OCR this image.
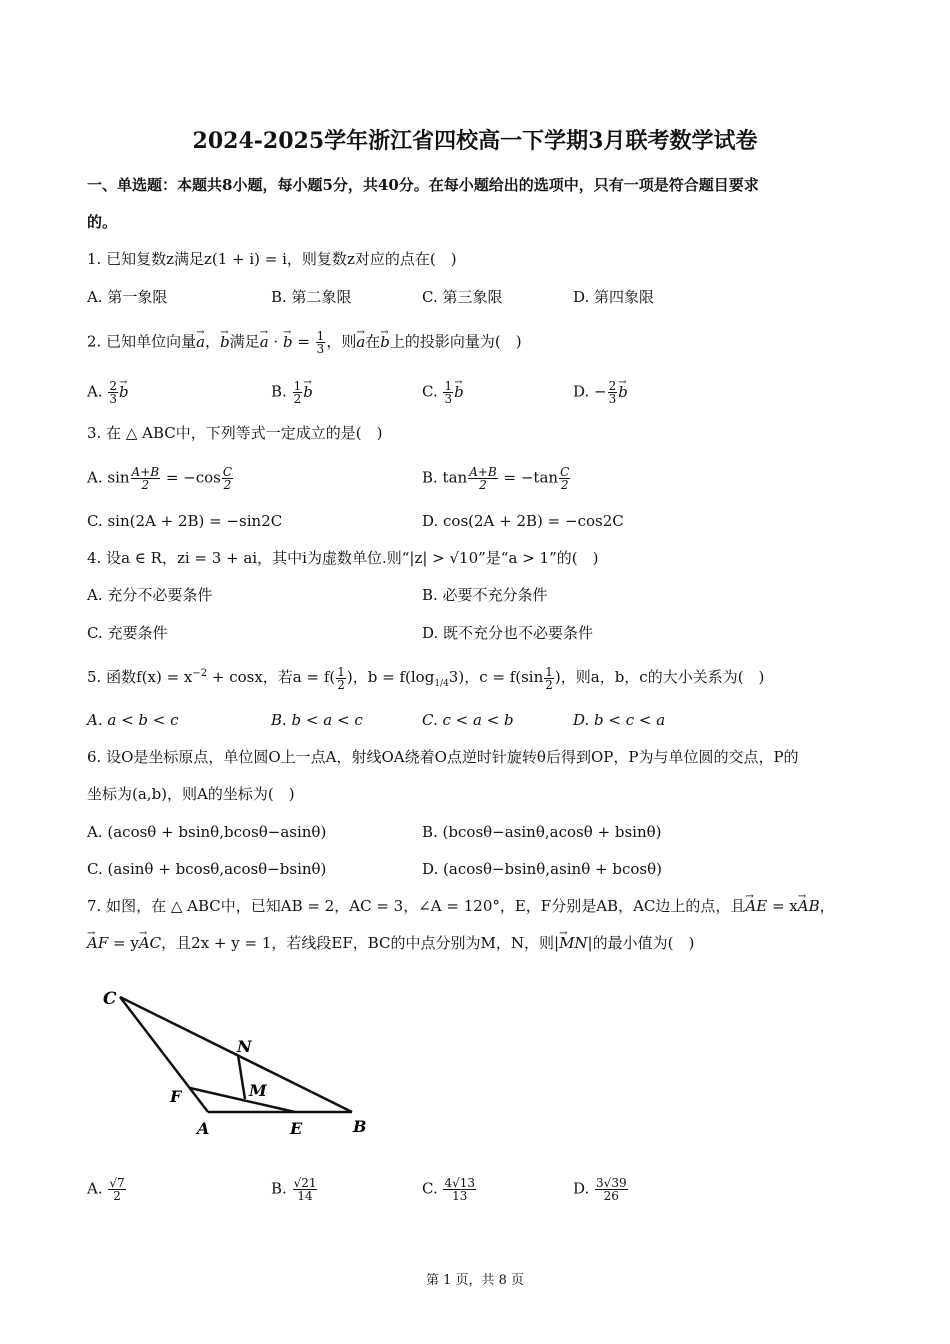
2024-2025学年浙江省四校高一下学期3月联考数学试卷
一、单选题：本题共8小题，每小题5分，共40分。在每小题给出的选项中，只有一项是符合题目要求
的。
1. 已知复数z满足z(1 + i) = i，则复数z对应的点在(　)
A. 第一象限	B. 第二象限	C. 第三象限	D. 第四象限
2. 已知单位向量→ a，→ b满足→ a · → $b = \frac{1}{3}$ ，则→ a在→ b上的投影向量为(　)
A. $\frac{2}{3} \to b$	B. $\frac{1}{2} \to b$	C. $\frac{1}{3} \to b$	D. − $\frac{2}{3} \to b$
3. 在 △ ABC中，下列等式一定成立的是(　)
A. $\sin \frac{A+B}{2} = -\cos \frac{C}{2}$	B. $\tan \frac{A+B}{2} = -\tan \frac{C}{2}$
C. sin(2A + 2B) = −sin2C	D. cos(2A + 2B) = −cos2C
4. 设a ∈ R，zi = 3 + ai，其中i为虚数单位.则“|z| > √10”是“a > 1”的(　)
A. 充分不必要条件	B. 必要不充分条件
C. 充要条件	D. 既不充分也不必要条件
5. 函数$f(x) = x^{-2} + \cos x$，若$a = f( \frac{1}{2}$ )，$b = f(\log_{1/4}3)$，$c = f(\sin \frac{1}{2}$ )，则a，b，c的大小关系为(　)
A. a < b < c	B. b < a < c	C. c < a < b	D. b < c < a
6. 设O是坐标原点，单位圆O上一点A，射线OA绕着O点逆时针旋转θ后得到OP，P为与单位圆的交点，P的
坐标为(a,b)，则A的坐标为(　)
A. (acosθ + bsinθ,bcosθ−asinθ)	B. (bcosθ−asinθ,acosθ + bsinθ)
C. (asinθ + bcosθ,acosθ−bsinθ)	D. (acosθ−bsinθ,asinθ + bcosθ)
7. 如图，在 △ ABC中，已知AB = 2，AC = 3，∠A = 120°，E，F分别是AB，AC边上的点，且→ AE = x→ AB，
→ AF = y→ AC，且2x + y = 1，若线段EF，BC的中点分别为M，N，则|→ MN|的最小值为(　)
C
N
M
F
A	E	B
A. $\frac{√7}{2}$	B. $\frac{√21}{14}$	C. $\frac{4√13}{13}$	D. $\frac{3√39}{26}$
第 1 页，共 8 页
